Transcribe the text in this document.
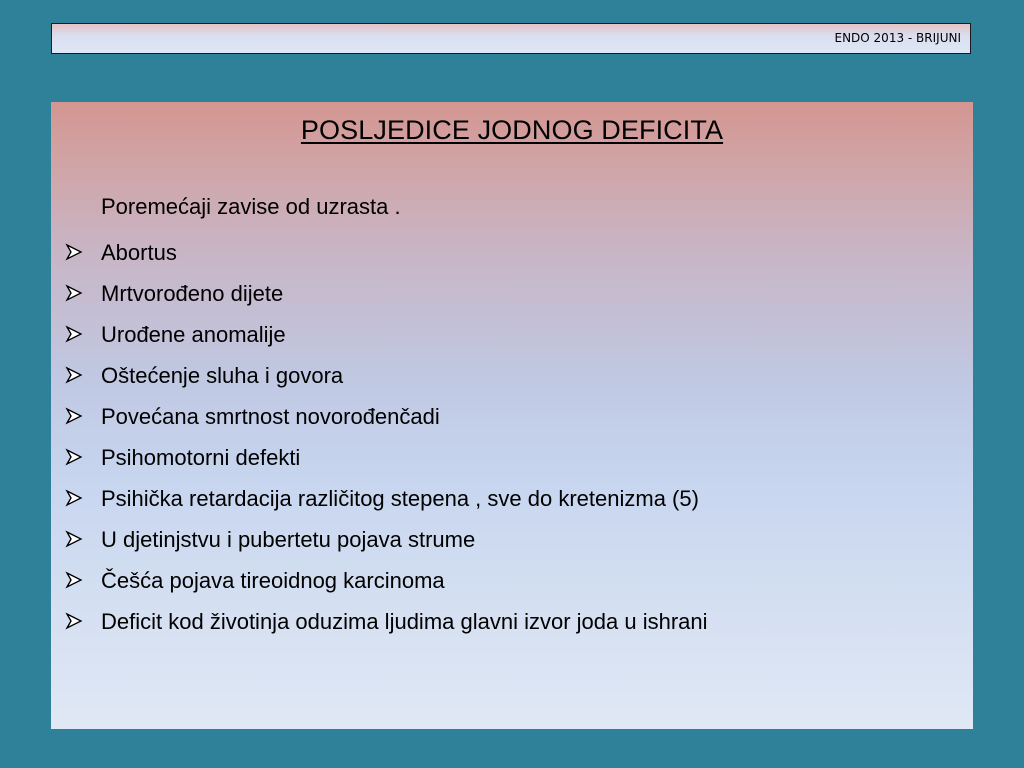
ENDO 2013 - BRIJUNI
POSLJEDICE JODNOG DEFICITA
Poremećaji zavise od uzrasta .
Abortus
Mrtvorođeno dijete
Urođene anomalije
Oštećenje sluha i govora
Povećana smrtnost novorođenčadi
Psihomotorni defekti
Psihička retardacija različitog stepena , sve do kretenizma (5)
U djetinjstvu i pubertetu pojava strume
Češća pojava tireoidnog karcinoma
Deficit kod životinja oduzima ljudima glavni izvor joda u ishrani
